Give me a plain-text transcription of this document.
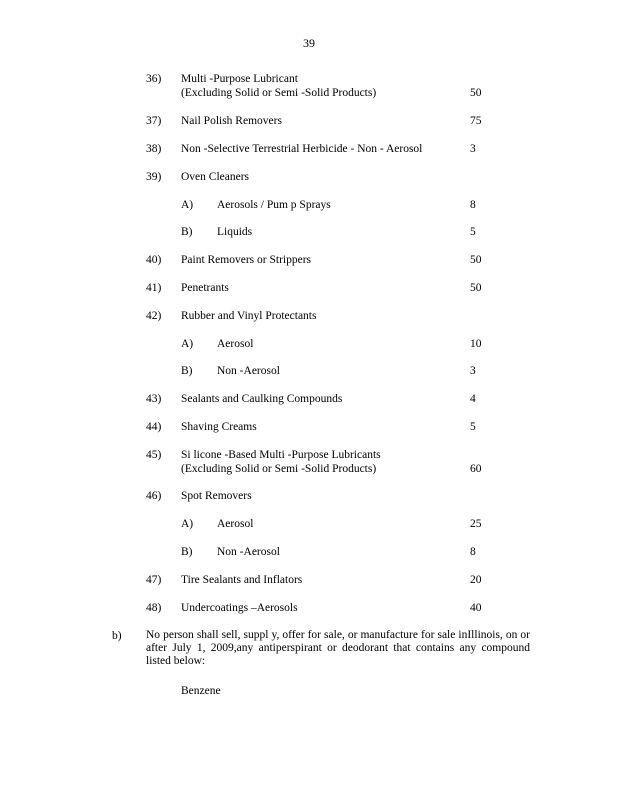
39
36) Multi -Purpose Lubricant
(Excluding Solid or Semi -Solid Products)	50
37) Nail Polish Removers	75
38) Non -Selective Terrestrial Herbicide - Non - Aerosol	3
39) Oven Cleaners
A) Aerosols / Pum p Sprays	8
B) Liquids	5
40) Paint Removers or Strippers	50
41) Penetrants	50
42) Rubber and Vinyl Protectants
A) Aerosol	10
B) Non -Aerosol	3
43) Sealants and Caulking Compounds	4
44) Shaving Creams	5
45) Si licone -Based Multi -Purpose Lubricants
(Excluding Solid or Semi -Solid Products)	60
46) Spot Removers
A) Aerosol	25
B) Non -Aerosol	8
47) Tire Sealants and Inflators	20
48) Undercoatings –Aerosols	40
b) No person shall sell, suppl y, offer for sale, or manufacture for sale inIllinois, on or after July 1, 2009,any antiperspirant or deodorant that contains any compound listed below:
Benzene
